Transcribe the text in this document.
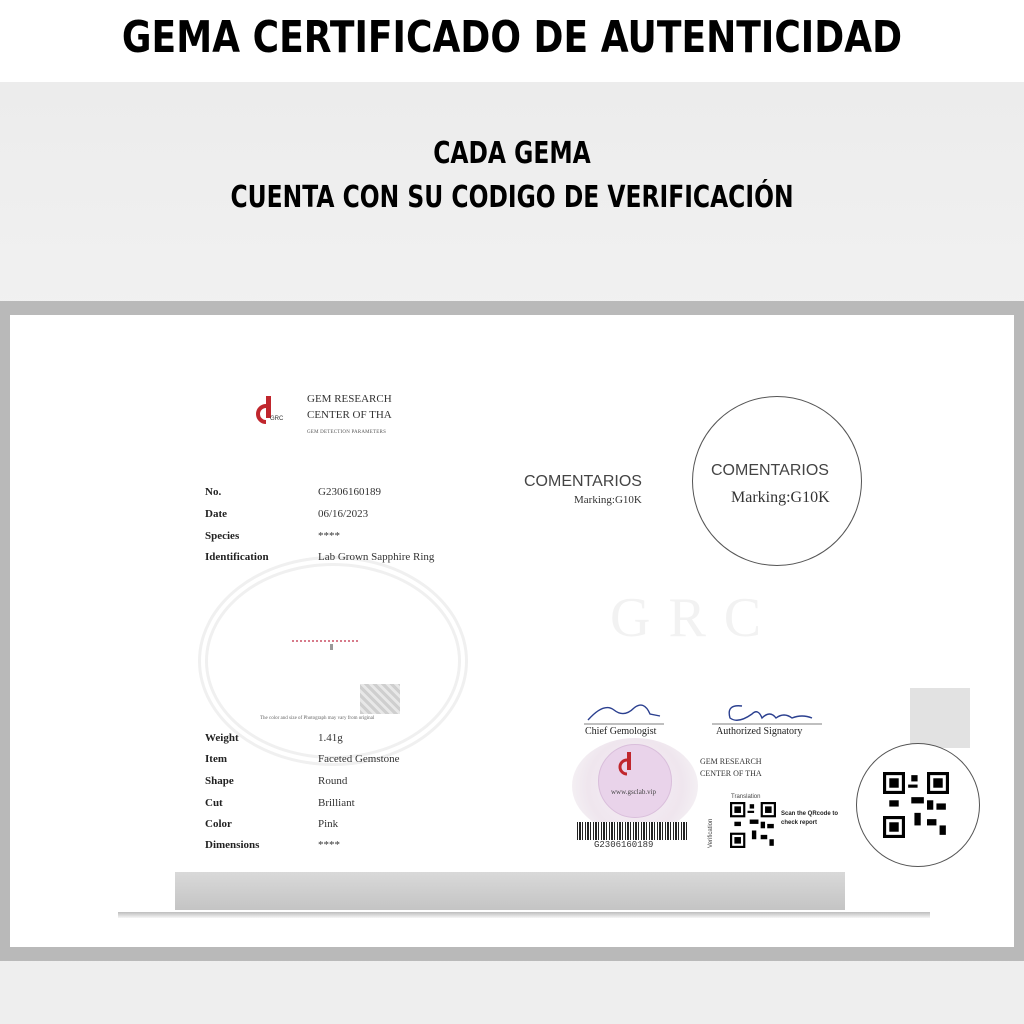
GEMA CERTIFICADO DE AUTENTICIDAD
CADA GEMA
CUENTA CON SU CODIGO DE VERIFICACIÓN
GRC
GRC
GEM RESEARCH
CENTER OF THA
GEM DETECTION PARAMETERS
No.	G2306160189
Date	06/16/2023
Species	****
Identification	Lab Grown Sapphire Ring
The color and size of Photograph may vary from original
Weight	1.41g
Item	Faceted Gemstone
Shape	Round
Cut	Brilliant
Color	Pink
Dimensions	****
COMENTARIOS
Marking:G10K
COMENTARIOS
Marking:G10K
Chief Gemologist	Authorized Signatory
www.gsclab.vip
G2306160189
GEM RESEARCH
CENTER OF THA
Translation
Verification
Scan the QRcode to check report
